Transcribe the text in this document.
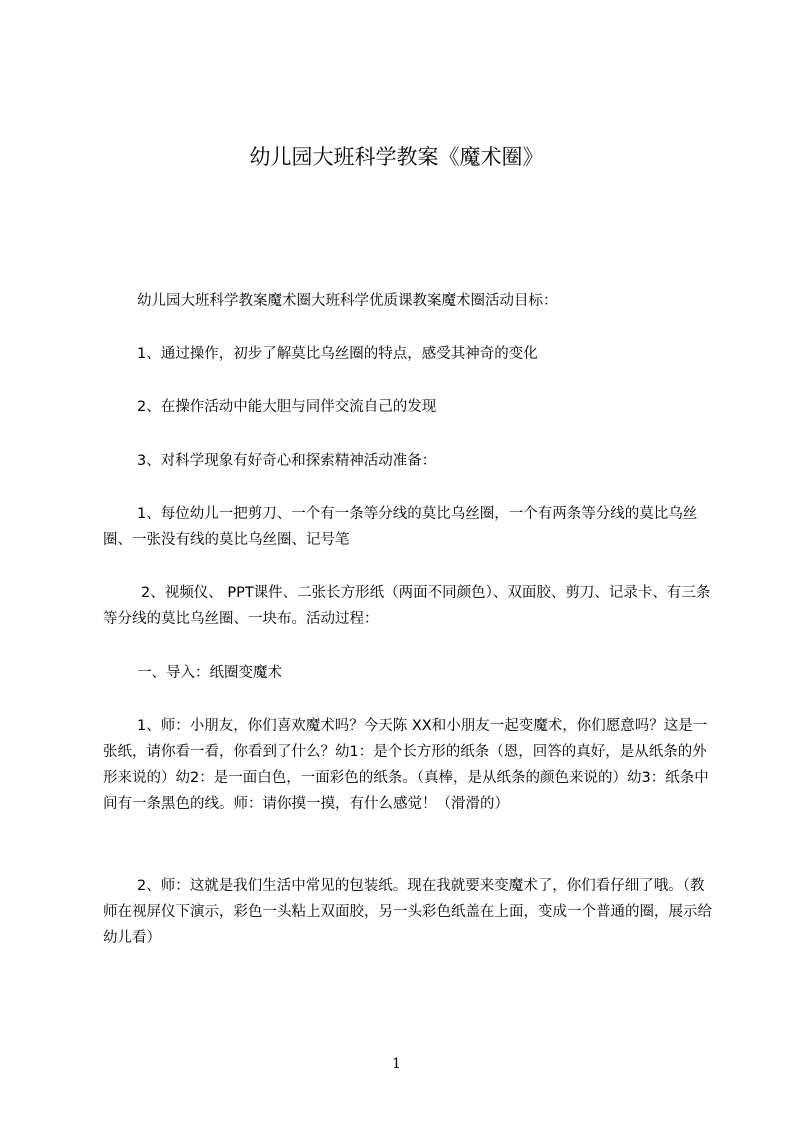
幼儿园大班科学教案《魔术圈》

幼儿园大班科学教案魔术圈大班科学优质课教案魔术圈活动目标：

1、通过操作，初步了解莫比乌丝圈的特点，感受其神奇的变化

2、在操作活动中能大胆与同伴交流自己的发现

3、对科学现象有好奇心和探索精神活动准备：

1、每位幼儿一把剪刀、一个有一条等分线的莫比乌丝圈，一个有两条等分线的莫比乌丝圈、一张没有线的莫比乌丝圈、记号笔

2、视频仪、 PPT课件、二张长方形纸（两面不同颜色）、双面胶、剪刀、记录卡、有三条等分线的莫比乌丝圈、一块布。活动过程：

一、导入：纸圈变魔术

1、师：小朋友，你们喜欢魔术吗？今天陈 XX和小朋友一起变魔术，你们愿意吗？这是一张纸，请你看一看，你看到了什么？幼1：是个长方形的纸条（恩，回答的真好，是从纸条的外形来说的）幼2：是一面白色，一面彩色的纸条。（真棒，是从纸条的颜色来说的）幼3：纸条中间有一条黑色的线。师：请你摸一摸，有什么感觉！（滑滑的）

2、师：这就是我们生活中常见的包装纸。现在我就要来变魔术了，你们看仔细了哦。（教师在视屏仪下演示，彩色一头粘上双面胶，另一头彩色纸盖在上面，变成一个普通的圈，展示给幼儿看）

1
